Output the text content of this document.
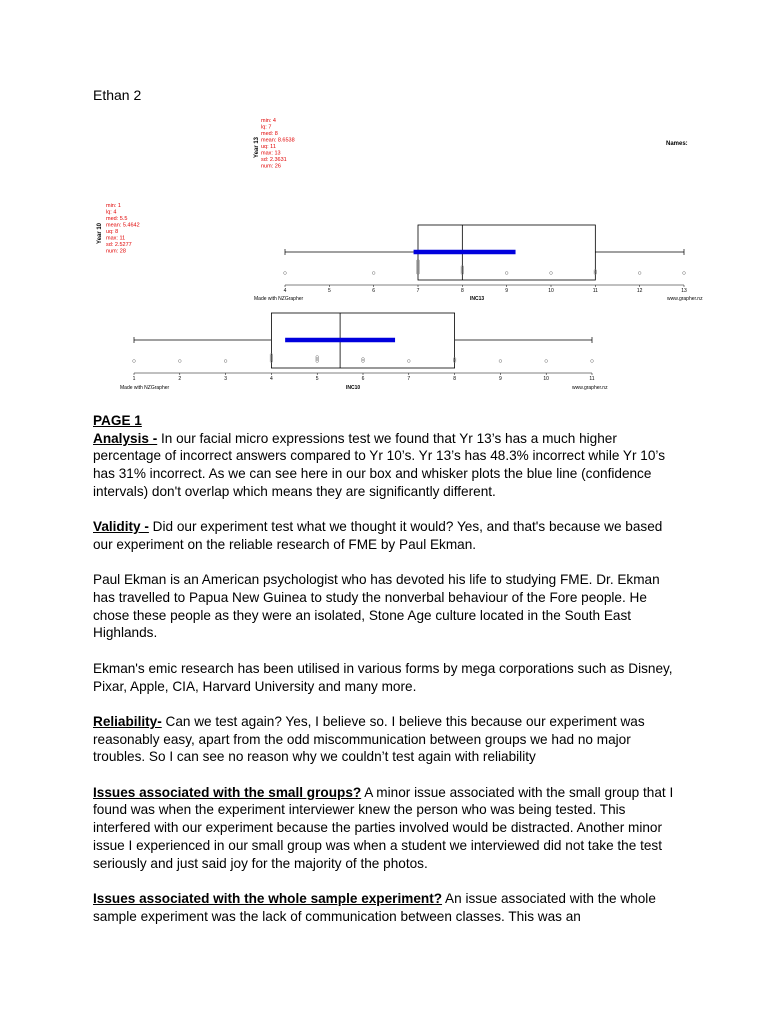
Ethan 2
Year 13
min: 4
lq: 7
med: 8
mean: 8.6538
uq: 11
max: 13
sd: 2.3631
num: 26
Names:
Year 10
min: 1
lq: 4
med: 5.5
mean: 5.4642
uq: 8
max: 11
sd: 2.5277
num: 28
Made with NZGrapher	INC13	www.grapher.nz
Made with NZGrapher	INC10	www.grapher.nz
4	5	6	7	8	9	10	11	12	13
1	2	3	4	5	6	7	8	9	10	11

PAGE 1

Analysis - In our facial micro expressions test we found that Yr 13’s has a much higher percentage of incorrect answers compared to Yr 10’s. Yr 13’s has 48.3% incorrect while Yr 10’s has 31% incorrect. As we can see here in our box and whisker plots the blue line (confidence intervals) don't overlap which means they are significantly different.

Validity - Did our experiment test what we thought it would? Yes, and that's because we based our experiment on the reliable research of FME by Paul Ekman.

Paul Ekman is an American psychologist who has devoted his life to studying FME. Dr. Ekman has travelled to Papua New Guinea to study the nonverbal behaviour of the Fore people. He chose these people as they were an isolated, Stone Age culture located in the South East Highlands.

Ekman's emic research has been utilised in various forms by mega corporations such as Disney, Pixar, Apple, CIA, Harvard University and many more.

Reliability- Can we test again? Yes, I believe so. I believe this because our experiment was reasonably easy, apart from the odd miscommunication between groups we had no major troubles. So I can see no reason why we couldn’t test again with reliability

Issues associated with the small groups? A minor issue associated with the small group that I found was when the experiment interviewer knew the person who was being tested. This interfered with our experiment because the parties involved would be distracted. Another minor issue I experienced in our small group was when a student we interviewed did not take the test seriously and just said joy for the majority of the photos.

Issues associated with the whole sample experiment? An issue associated with the whole sample experiment was the lack of communication between classes. This was an
